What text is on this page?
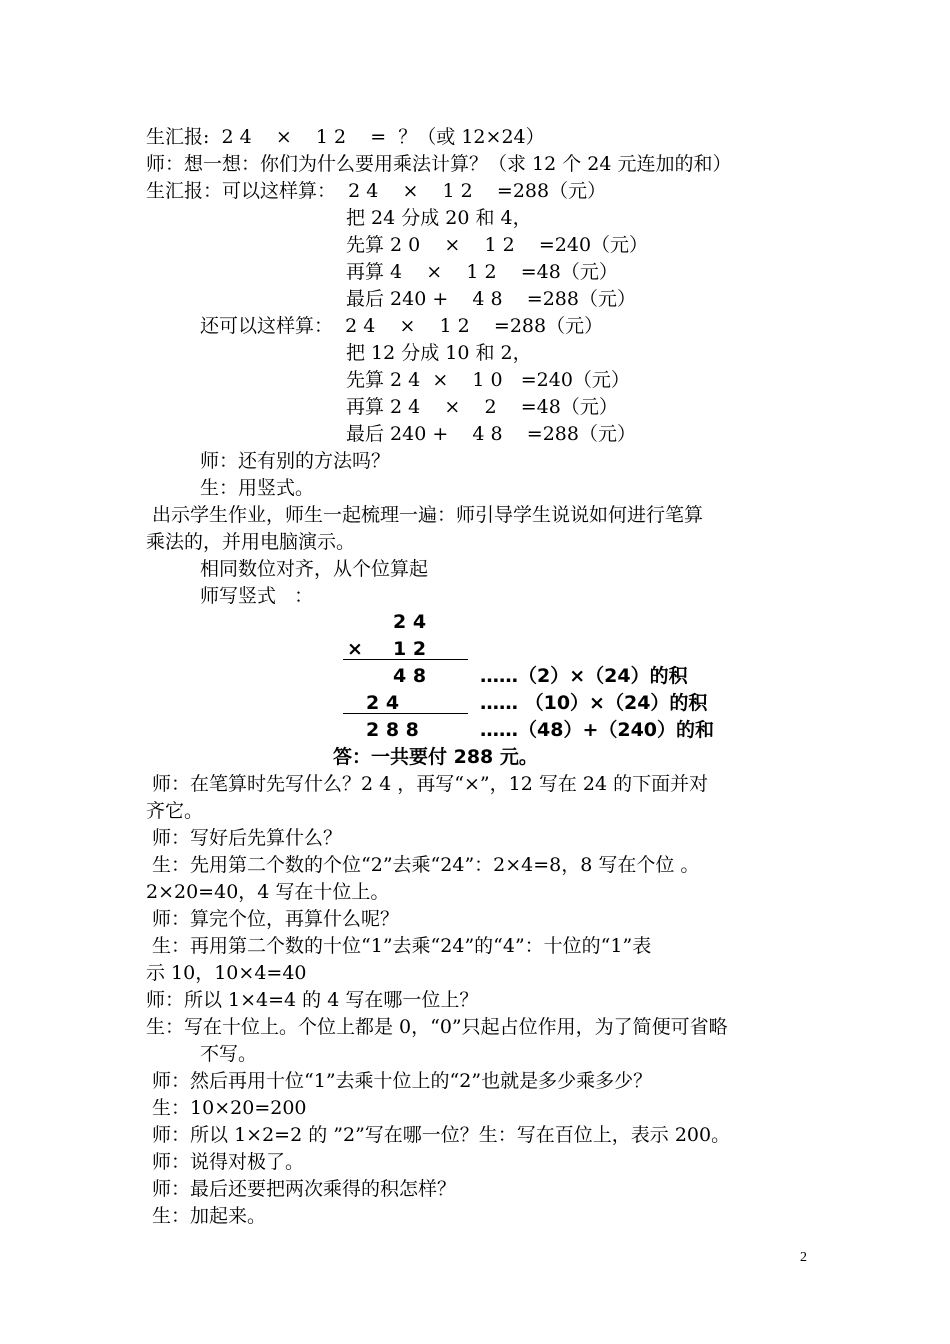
生汇报:  2 4    ×    1 2    =  ？（或 12×24）
师：想一想：你们为什么要用乘法计算？（求 12 个 24 元连加的和）
生汇报：可以这样算：  2 4    ×    1 2    =288（元）
把 24 分成 20 和 4，
先算 2 0    ×    1 2    =240（元）
再算 4    ×    1 2    =48（元）
最后 240 +    4 8    =288（元）
还可以这样算：  2 4    ×    1 2    =288（元）
把 12 分成 10 和 2，
先算 2 4  ×    1 0   =240（元）
再算 2 4    ×    2    =48（元）
最后 240 +    4 8    =288（元）
师：还有别的方法吗？
生：用竖式。
出示学生作业，师生一起梳理一遍：师引导学生说说如何进行笔算
乘法的，并用电脑演示。
相同数位对齐，从个位算起
师写竖式   ：
2 4
× 1 2
4 8	……（2）×（24）的积
2 4	…… （10）×（24）的积
2 8 8	……（48）+（240）的和
答：一共要付 288 元。
师：在笔算时先写什么？2 4 ，再写“×”，12 写在 24 的下面并对
齐它。
师：写好后先算什么？
生：先用第二个数的个位“2”去乘“24”：2×4=8，8 写在个位 。
2×20=40，4 写在十位上。
师：算完个位，再算什么呢？
生：再用第二个数的十位“1”去乘“24”的“4”：十位的“1”表
示 10，10×4=40
师：所以 1×4=4 的 4 写在哪一位上？
生：写在十位上。个位上都是 0，“0”只起占位作用，为了简便可省略
不写。
师：然后再用十位“1”去乘十位上的“2”也就是多少乘多少？
生：10×20=200
师：所以 1×2=2 的 ”2”写在哪一位？生：写在百位上，表示 200。
师：说得对极了。
师：最后还要把两次乘得的积怎样？
生：加起来。
2
